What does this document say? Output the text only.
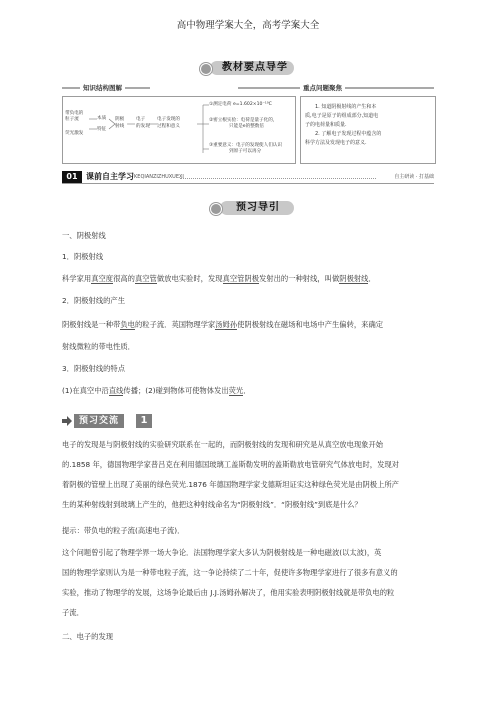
高中物理学案大全，高考学案大全
教材要点导学
知识结构图解	重点问题聚焦
带负电的
粒子流	本质
荧光激发
特征
阴极
射线
电子
的发现
电子发现的
过程和意义
①测定电荷 e=1.602×10⁻¹⁹C
②密立根实验：电荷是量子化的，
只能是e的整数倍
③重要意义：电子的发现使人们认识
到原子可以再分
1. 知道阴极射线的产生和本
质,电子是原子的组成部分,知道电
子的电荷量和质量.
2. 了解电子发现过程中蕴含的
科学方法及发现电子的意义.
01	课前自主学习 KEQIANZIZHUXUEXI	自主研读 · 打基础
预习导引
一、阴极射线
1．阴极射线
科学家用真空度很高的真空管做放电实验时，发现真空管阴极发射出的一种射线，叫做阴极射线．
2．阴极射线的产生
阴极射线是一种带负电的粒子流．英国物理学家汤姆孙使阴极射线在磁场和电场中产生偏转，来确定
射线微粒的带电性质．
3．阴极射线的特点
(1)在真空中沿直线传播；(2)碰到物体可使物体发出荧光．
预习交流	1
电子的发现是与阴极射线的实验研究联系在一起的，而阴极射线的发现和研究是从真空放电现象开始
的.1858 年，德国物理学家普吕克在利用德国玻璃工盖斯勒发明的盖斯勒放电管研究气体放电时，发现对
着阴极的管壁上出现了美丽的绿色荧光.1876 年德国物理学家戈德斯坦证实这种绿色荧光是由阴极上所产
生的某种射线射到玻璃上产生的，他把这种射线命名为“阴极射线”．“阴极射线”到底是什么？
提示：带负电的粒子流(高速电子流)．
这个问题曾引起了物理学界一场大争论．法国物理学家大多认为阴极射线是一种电磁波(以太波)，英
国的物理学家则认为是一种带电粒子流，这一争论持续了二十年，促使许多物理学家进行了很多有意义的
实验，推动了物理学的发展，这场争论最后由 J.J.汤姆孙解决了，他用实验表明阴极射线就是带负电的粒
子流．
二、电子的发现
